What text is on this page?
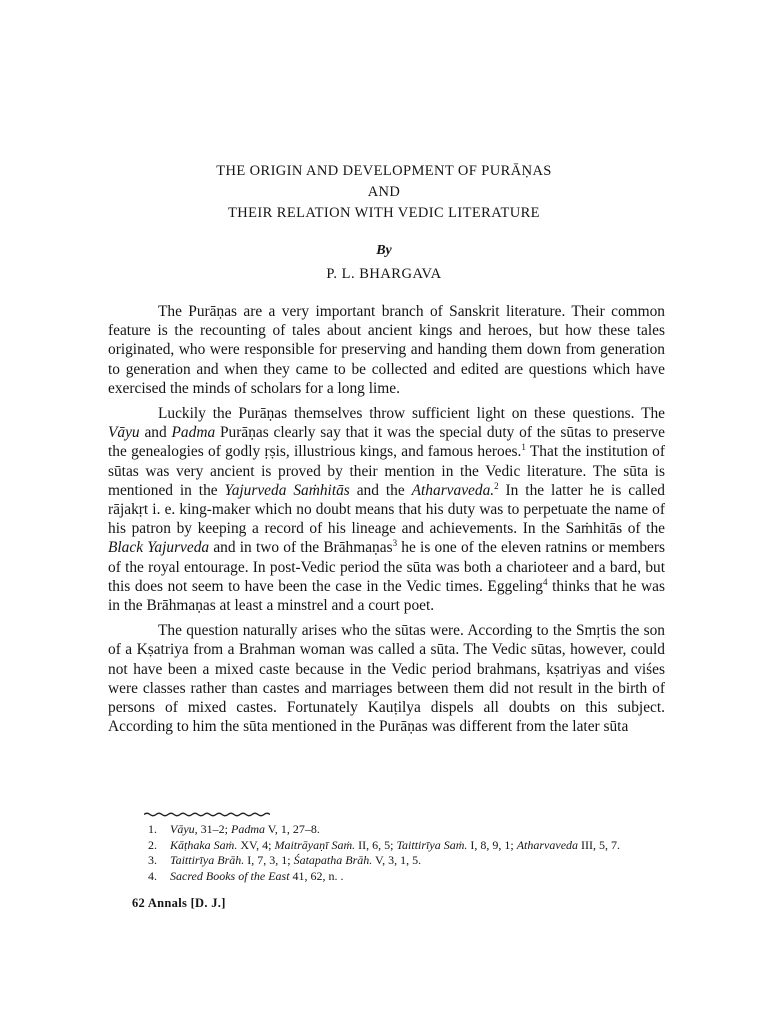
THE ORIGIN AND DEVELOPMENT OF PURĀṆAS
AND
THEIR RELATION WITH VEDIC LITERATURE
By
P. L. BHARGAVA

The Purāṇas are a very important branch of Sanskrit literature. Their common feature is the recounting of tales about ancient kings and heroes, but how these tales originated, who were responsible for preserving and handing them down from generation to generation and when they came to be collected and edited are questions which have exercised the minds of scholars for a long lime.

Luckily the Purāṇas themselves throw sufficient light on these questions. The Vāyu and Padma Purāṇas clearly say that it was the special duty of the sūtas to preserve the genealogies of godly ṛṣis, illustrious kings, and famous heroes.$^1$ That the institution of sūtas was very ancient is proved by their mention in the Vedic literature. The sūta is mentioned in the Yajurveda Saṁhitās and the Atharvaveda.$^2$ In the latter he is called rājakṛt i. e. king-maker which no doubt means that his duty was to perpetuate the name of his patron by keeping a record of his lineage and achievements. In the Saṁhitās of the Black Yajurveda and in two of the Brāhmaṇas$^3$ he is one of the eleven ratnins or members of the royal entourage. In post-Vedic period the sūta was both a charioteer and a bard, but this does not seem to have been the case in the Vedic times. Eggeling$^4$ thinks that he was in the Brāhmaṇas at least a minstrel and a court poet.

The question naturally arises who the sūtas were. According to the Smṛtis the son of a Kṣatriya from a Brahman woman was called a sūta. The Vedic sūtas, however, could not have been a mixed caste because in the Vedic period brahmans, kṣatriyas and viśes were classes rather than castes and marriages between them did not result in the birth of persons of mixed castes. Fortunately Kauṭilya dispels all doubts on this subject. According to him the sūta mentioned in the Purāṇas was different from the later sūta

1.	Vāyu, 31–2; Padma V, 1, 27–8.
2.	Kāṭhaka Saṁ. XV, 4; Maitrāyaṇī Saṁ. II, 6, 5; Taittirīya Saṁ. I, 8, 9, 1; Atharvaveda III, 5, 7.
3.	Taittirīya Brāh. I, 7, 3, 1; Śatapatha Brāh. V, 3, 1, 5.
4.	Sacred Books of the East 41, 62, n. .
62 Annals [D. J.]
